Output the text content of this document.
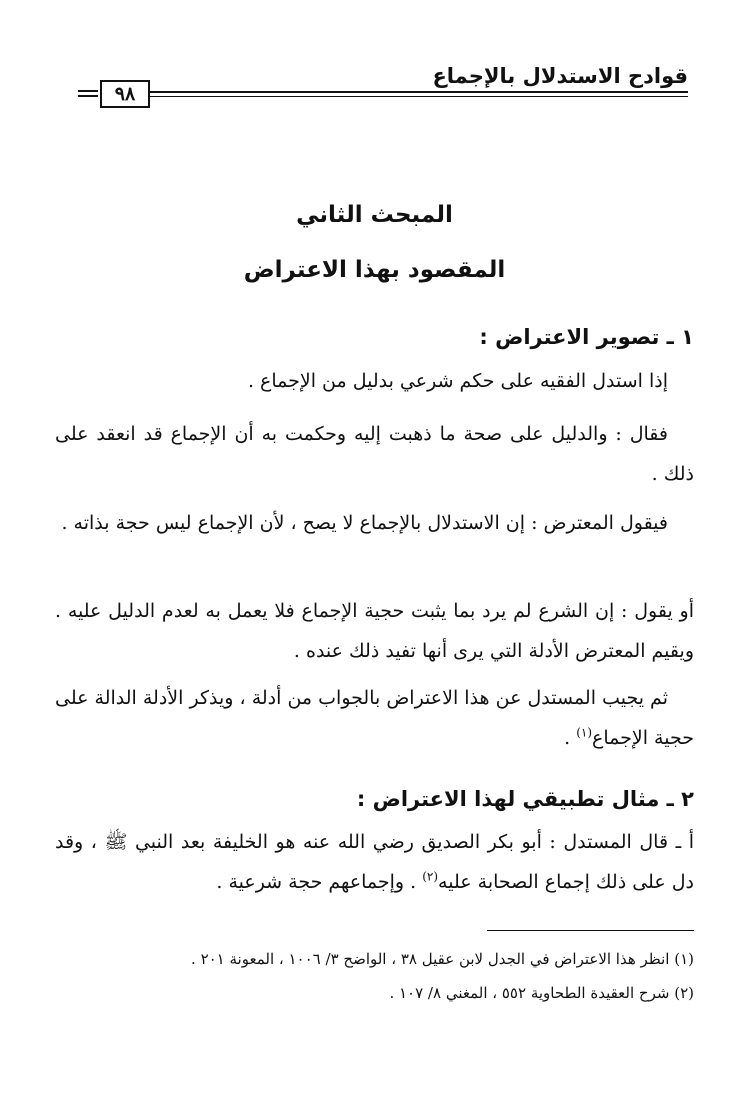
قوادح الاستدلال بالإجماع
٩٨
المبحث الثاني
المقصود بهذا الاعتراض
١ ـ تصوير الاعتراض :

إذا استدل الفقيه على حكم شرعي بدليل من الإجماع .

فقال : والدليل على صحة ما ذهبت إليه وحكمت به أن الإجماع قد انعقد على ذلك .

فيقول المعترض : إن الاستدلال بالإجماع لا يصح ، لأن الإجماع ليس حجة بذاته .

أو يقول : إن الشرع لم يرد بما يثبت حجية الإجماع فلا يعمل به لعدم الدليل عليه . ويقيم المعترض الأدلة التي يرى أنها تفيد ذلك عنده .

ثم يجيب المستدل عن هذا الاعتراض بالجواب من أدلة ، ويذكر الأدلة الدالة على حجية الإجماع$^{(١)}$ .

٢ ـ مثال تطبيقي لهذا الاعتراض :

أ ـ قال المستدل : أبو بكر الصديق رضي الله عنه هو الخليفة بعد النبي ﷺ ، وقد دل على ذلك إجماع الصحابة عليه$^{(٢)}$ . وإجماعهم حجة شرعية .

(١) انظر هذا الاعتراض في الجدل لابن عقيل ٣٨ ، الواضح ٣/ ١٠٠٦ ، المعونة ٢٠١ .
(٢) شرح العقيدة الطحاوية ٥٥٢ ، المغني ٨/ ١٠٧ .
